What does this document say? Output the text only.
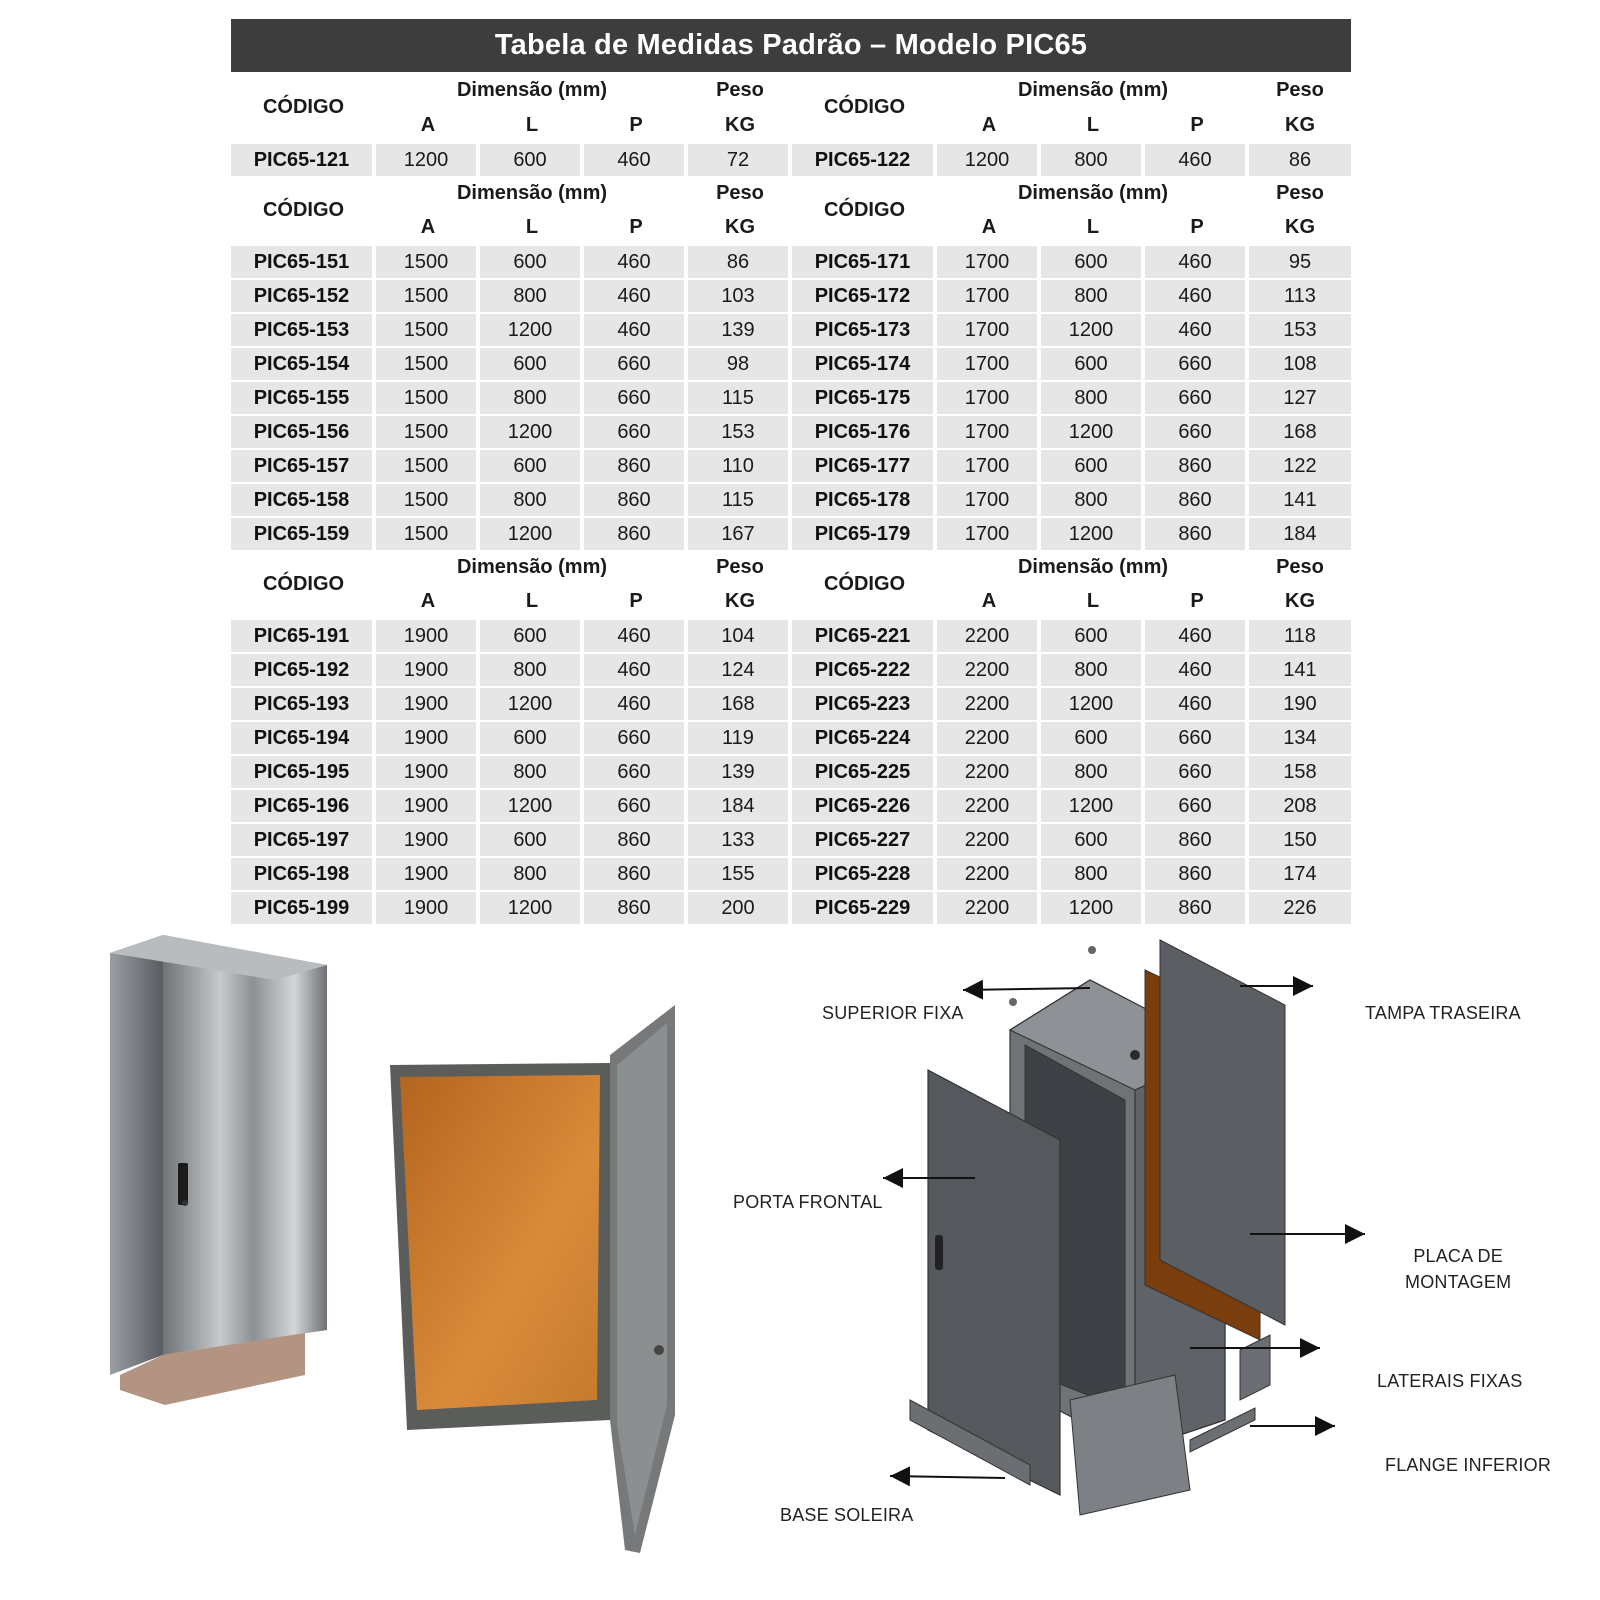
Tabela de Medidas Padrão – Modelo PIC65
CÓDIGO
Dimensão (mm)	Peso
CÓDIGO
Dimensão (mm)	Peso
A	L	P	KG	A	L	P	KG
PIC65-121	1200	600	460	72	PIC65-122	1200	800	460	86
CÓDIGO
Dimensão (mm)	Peso
CÓDIGO
Dimensão (mm)	Peso
A	L	P	KG	A	L	P	KG
PIC65-151	1500	600	460	86	PIC65-171	1700	600	460	95
PIC65-152	1500	800	460	103	PIC65-172	1700	800	460	113
PIC65-153	1500	1200	460	139	PIC65-173	1700	1200	460	153
PIC65-154	1500	600	660	98	PIC65-174	1700	600	660	108
PIC65-155	1500	800	660	115	PIC65-175	1700	800	660	127
PIC65-156	1500	1200	660	153	PIC65-176	1700	1200	660	168
PIC65-157	1500	600	860	110	PIC65-177	1700	600	860	122
PIC65-158	1500	800	860	115	PIC65-178	1700	800	860	141
PIC65-159	1500	1200	860	167	PIC65-179	1700	1200	860	184
CÓDIGO
Dimensão (mm)	Peso
CÓDIGO
Dimensão (mm)	Peso
A	L	P	KG	A	L	P	KG
PIC65-191	1900	600	460	104	PIC65-221	2200	600	460	118
PIC65-192	1900	800	460	124	PIC65-222	2200	800	460	141
PIC65-193	1900	1200	460	168	PIC65-223	2200	1200	460	190
PIC65-194	1900	600	660	119	PIC65-224	2200	600	660	134
PIC65-195	1900	800	660	139	PIC65-225	2200	800	660	158
PIC65-196	1900	1200	660	184	PIC65-226	2200	1200	660	208
PIC65-197	1900	600	860	133	PIC65-227	2200	600	860	150
PIC65-198	1900	800	860	155	PIC65-228	2200	800	860	174
PIC65-199	1900	1200	860	200	PIC65-229	2200	1200	860	226
SUPERIOR FIXA	TAMPA TRASEIRA
PORTA FRONTAL
PLACA DE
MONTAGEM
LATERAIS FIXAS
FLANGE INFERIOR
BASE SOLEIRA
